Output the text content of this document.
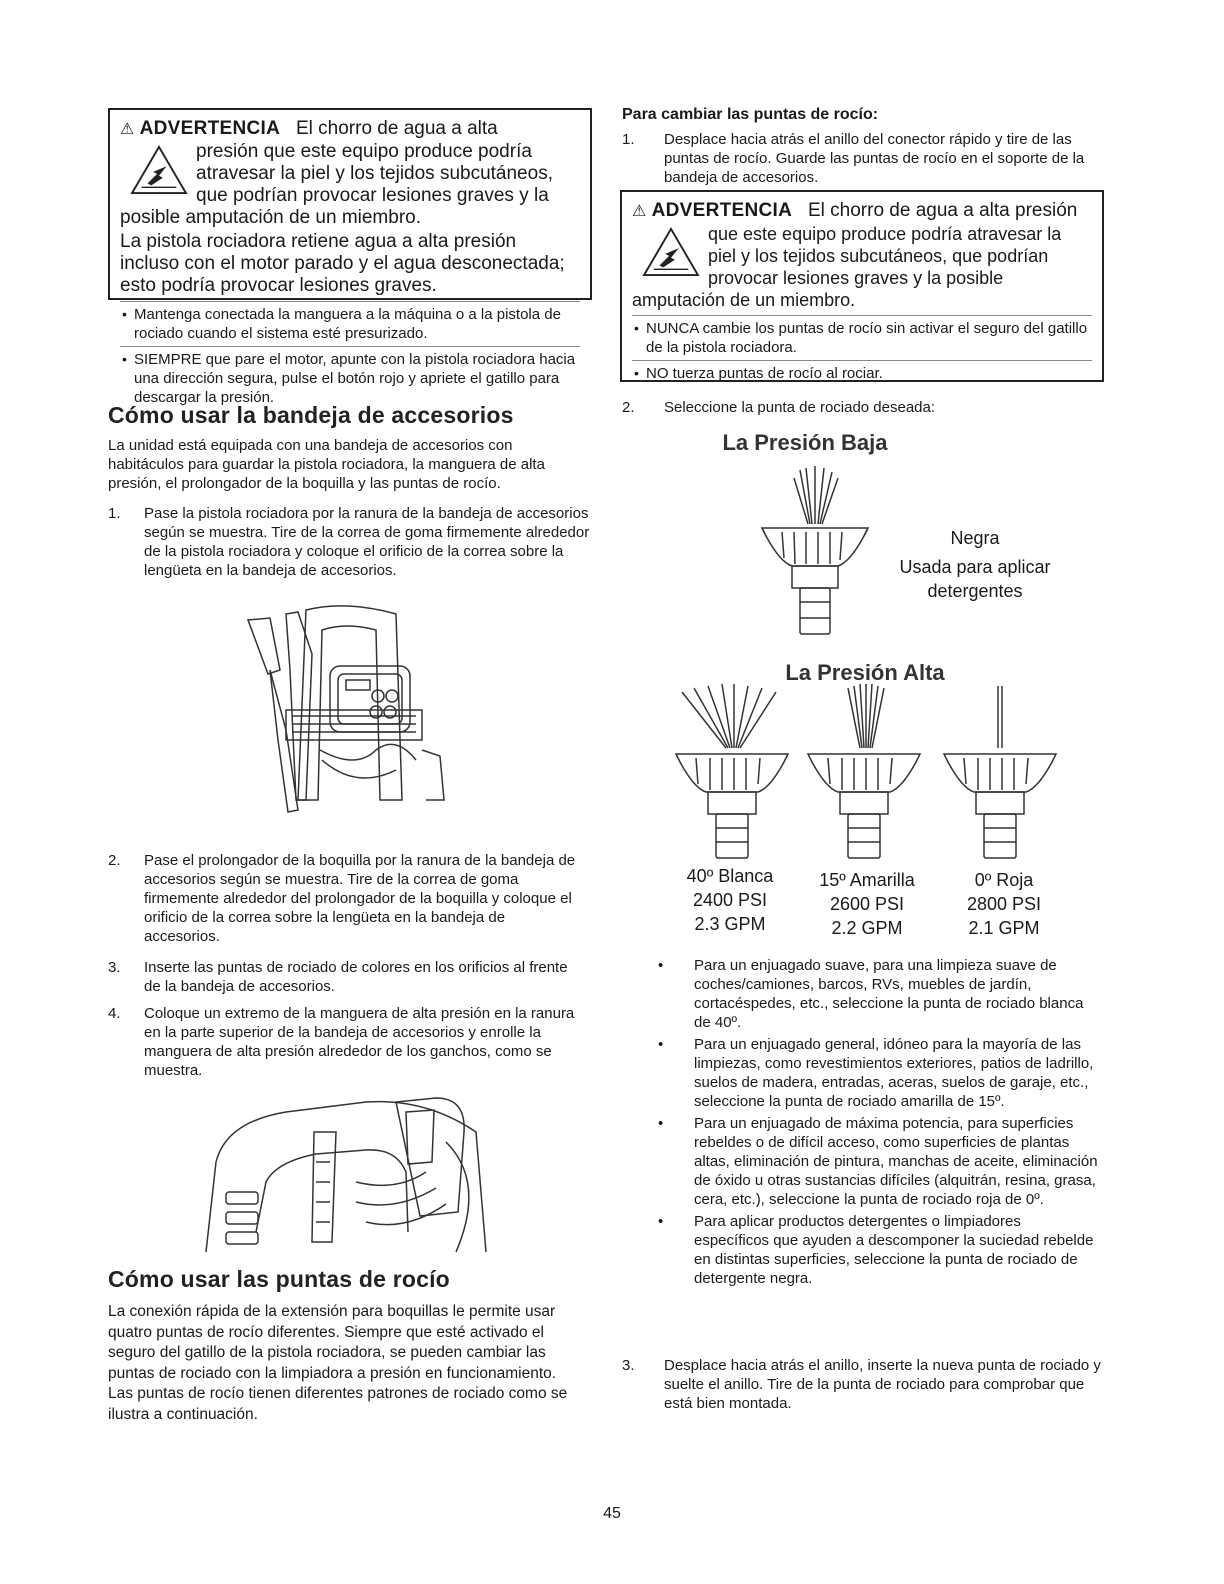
⚠ ADVERTENCIA El chorro de agua a alta
presión que este equipo produce podría atravesar la piel y los tejidos subcutáneos, que podrían provocar lesiones graves y la posible amputación de un miembro.
La pistola rociadora retiene agua a alta presión incluso con el motor parado y el agua desconectada; esto podría provocar lesiones graves.
• Mantenga conectada la manguera a la máquina o a la pistola de rociado cuando el sistema esté presurizado.
• SIEMPRE que pare el motor, apunte con la pistola rociadora hacia una dirección segura, pulse el botón rojo y apriete el gatillo para descargar la presión.
Cómo usar la bandeja de accesorios

La unidad está equipada con una bandeja de accesorios con habitáculos para guardar la pistola rociadora, la manguera de alta presión, el prolongador de la boquilla y las puntas de rocío.

1. Pase la pistola rociadora por la ranura de la bandeja de accesorios según se muestra. Tire de la correa de goma firmemente alrededor de la pistola rociadora y coloque el orificio de la correa sobre la lengüeta en la bandeja de accesorios.
2. Pase el prolongador de la boquilla por la ranura de la bandeja de accesorios según se muestra. Tire de la correa de goma firmemente alrededor del prolongador de la boquilla y coloque el orificio de la correa sobre la lengüeta en la bandeja de accesorios.
3. Inserte las puntas de rociado de colores en los orificios al frente de la bandeja de accesorios.
4. Coloque un extremo de la manguera de alta presión en la ranura en la parte superior de la bandeja de accesorios y enrolle la manguera de alta presión alrededor de los ganchos, como se muestra.
Cómo usar las puntas de rocío

La conexión rápida de la extensión para boquillas le permite usar quatro puntas de rocío diferentes. Siempre que esté activado el seguro del gatillo de la pistola rociadora, se pueden cambiar las puntas de rociado con la limpiadora a presión en funcionamiento. Las puntas de rocío tienen diferentes patrones de rociado como se ilustra a continuación.

Para cambiar las puntas de rocío:
1. Desplace hacia atrás el anillo del conector rápido y tire de las puntas de rocío. Guarde las puntas de rocío en el soporte de la bandeja de accesorios.
⚠ ADVERTENCIA El chorro de agua a alta presión
que este equipo produce podría atravesar la piel y los tejidos subcutáneos, que podrían provocar lesiones graves y la posible amputación de un miembro.
• NUNCA cambie los puntas de rocío sin activar el seguro del gatillo de la pistola rociadora.
• NO tuerza puntas de rocío al rociar.
2. Seleccione la punta de rociado deseada:
La Presión Baja
Negra
Usada para aplicar detergentes
La Presión Alta
40º Blanca
2400 PSI
2.3 GPM
15º Amarilla
2600 PSI
2.2 GPM
0º Roja
2800 PSI
2.1 GPM
• Para un enjuagado suave, para una limpieza suave de coches/camiones, barcos, RVs, muebles de jardín, cortacéspedes, etc., seleccione la punta de rociado blanca de 40º.
• Para un enjuagado general, idóneo para la mayoría de las limpiezas, como revestimientos exteriores, patios de ladrillo, suelos de madera, entradas, aceras, suelos de garaje, etc., seleccione la punta de rociado amarilla de 15º.
• Para un enjuagado de máxima potencia, para superficies rebeldes o de difícil acceso, como superficies de plantas altas, eliminación de pintura, manchas de aceite, eliminación de óxido u otras sustancias difíciles (alquitrán, resina, grasa, cera, etc.), seleccione la punta de rociado roja de 0º.
• Para aplicar productos detergentes o limpiadores específicos que ayuden a descomponer la suciedad rebelde en distintas superficies, seleccione la punta de rociado de detergente negra.
3. Desplace hacia atrás el anillo, inserte la nueva punta de rociado y suelte el anillo. Tire de la punta de rociado para comprobar que está bien montada.
45
